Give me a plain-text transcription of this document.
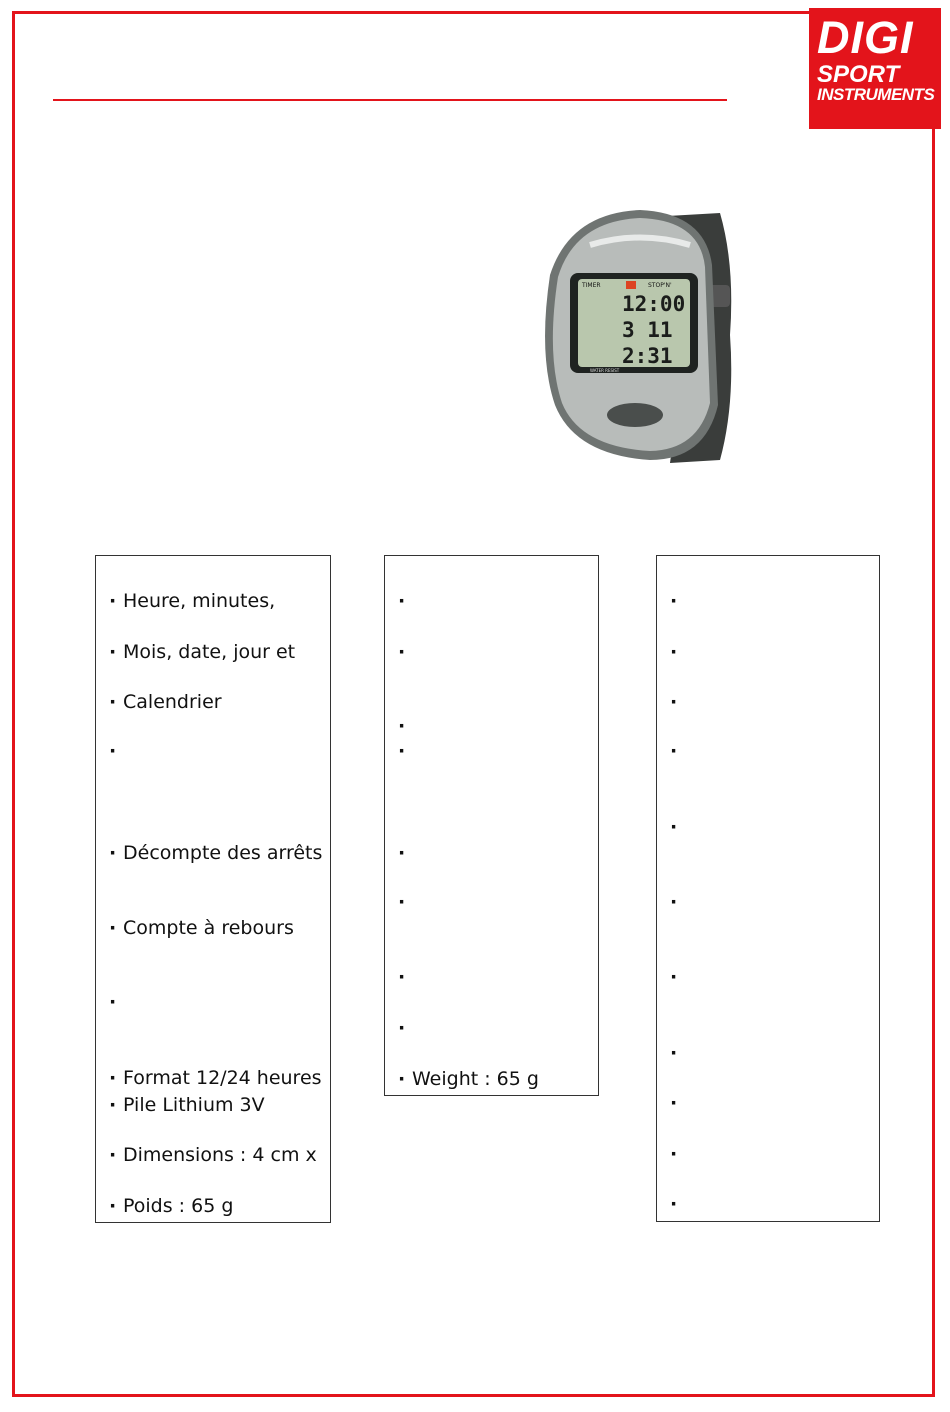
DIGI
SPORT
INSTRUMENTS
TIMER	STOP'N'
12:00
3 11
2:31
WATER RESIST
· Heure, minutes,
· Mois, date, jour et
· Calendrier
·
· Décompte des arrêts
· Compte à rebours
·
· Format 12/24 heures
· Pile Lithium 3V
· Dimensions : 4 cm x
· Poids : 65 g
·
·
·
·
·
·
·
·
· Weight : 65 g
·
·
·
·
·
·
·
·
·
·
·
